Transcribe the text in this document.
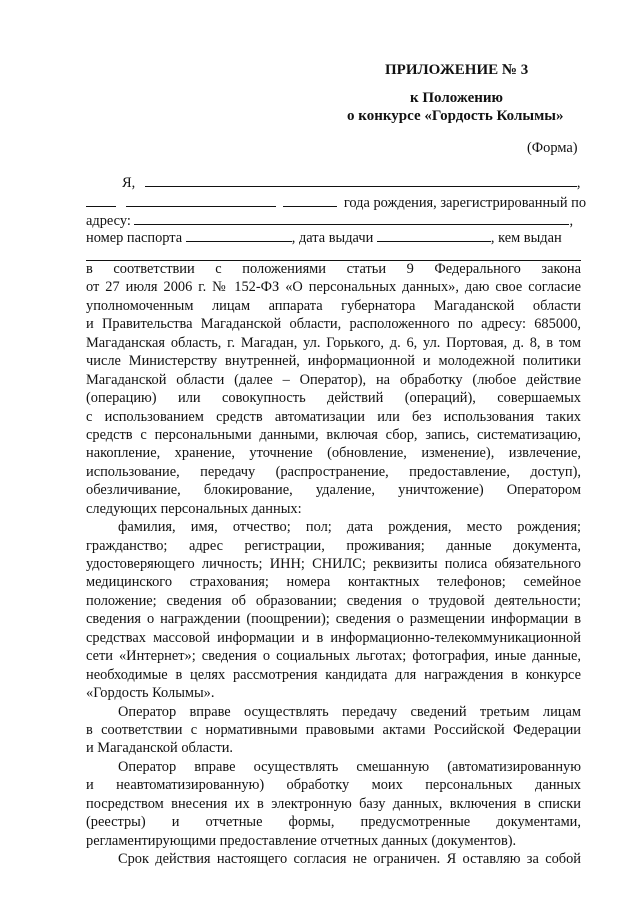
ПРИЛОЖЕНИЕ № 3
к Положению
о конкурсе «Гордость Колымы»
(Форма)
Я,	,
года рождения, зарегистрированный по
адресу:	,
номер паспорта	, дата выдачи	, кем выдан
в соответствии с положениями статьи 9 Федерального закона
от 27 июля 2006 г. № 152-ФЗ «О персональных данных», даю свое согласие
уполномоченным лицам аппарата губернатора Магаданской области
и Правительства Магаданской области, расположенного по адресу: 685000,
Магаданская область, г. Магадан, ул. Горького, д. 6, ул. Портовая, д. 8, в том
числе Министерству внутренней, информационной и молодежной политики
Магаданской области (далее – Оператор), на обработку (любое действие
(операцию) или совокупность действий (операций), совершаемых
с использованием средств автоматизации или без использования таких
средств с персональными данными, включая сбор, запись, систематизацию,
накопление, хранение, уточнение (обновление, изменение), извлечение,
использование, передачу (распространение, предоставление, доступ),
обезличивание, блокирование, удаление, уничтожение) Оператором
следующих персональных данных:
фамилия, имя, отчество; пол; дата рождения, место рождения;
гражданство; адрес регистрации, проживания; данные документа,
удостоверяющего личность; ИНН; СНИЛС; реквизиты полиса обязательного
медицинского страхования; номера контактных телефонов; семейное
положение; сведения об образовании; сведения о трудовой деятельности;
сведения о награждении (поощрении); сведения о размещении информации в
средствах массовой информации и в информационно-телекоммуникационной
сети «Интернет»; сведения о социальных льготах; фотография, иные данные,
необходимые в целях рассмотрения кандидата для награждения в конкурсе
«Гордость Колымы».
Оператор вправе осуществлять передачу сведений третьим лицам
в соответствии с нормативными правовыми актами Российской Федерации
и Магаданской области.
Оператор вправе осуществлять смешанную (автоматизированную
и неавтоматизированную) обработку моих персональных данных
посредством внесения их в электронную базу данных, включения в списки
(реестры) и отчетные формы, предусмотренные документами,
регламентирующими предоставление отчетных данных (документов).
Срок действия настоящего согласия не ограничен. Я оставляю за собой
